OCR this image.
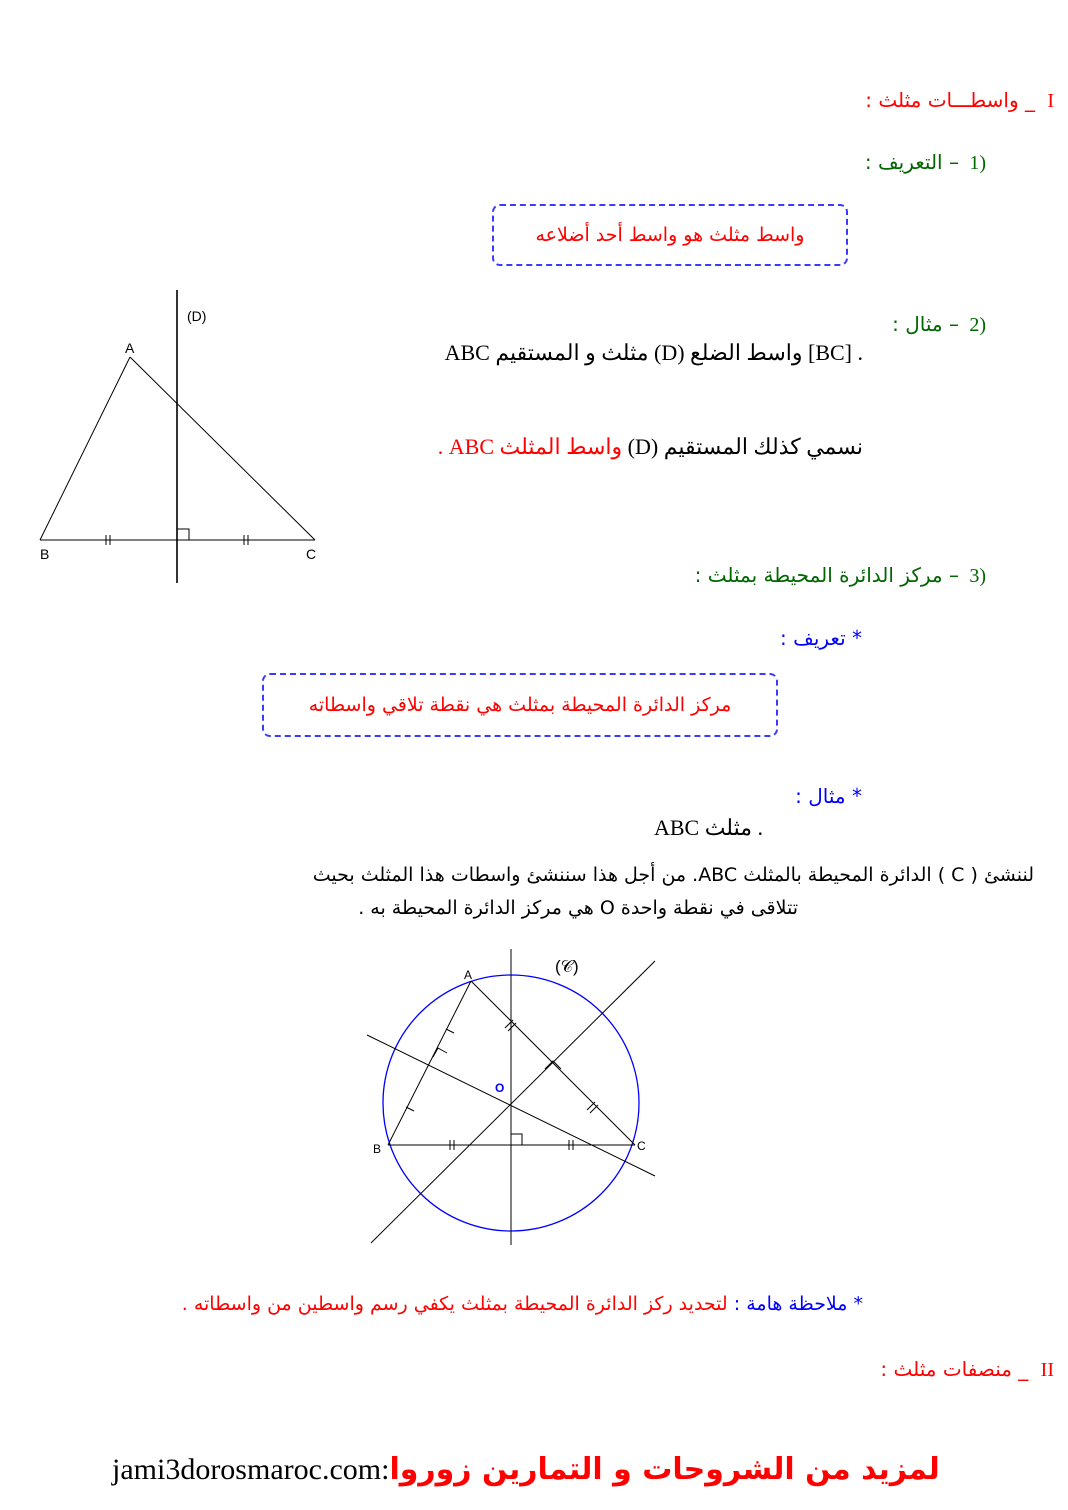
_ واسطـــات مثلث : I
– التعريف : 1)
واسط مثلث هو واسط أحد أضلاعه
A
B	C
(D)	– مثال : 2)
ABC مثلث و المستقيم (D) واسط الضلع [BC] .
نسمي كذلك المستقيم (D) واسط المثلث ABC .
– مركز الدائرة المحيطة بمثلث : 3)
* تعريف :
مركز الدائرة المحيطة بمثلث هي نقطة تلاقي واسطاته
* مثال :
ABC مثلث .
لننشئ ( C ) الدائرة المحيطة بالمثلث ABC. من أجل هذا سننشئ واسطات هذا المثلث بحيث
تتلاقى في نقطة واحدة O هي مركز الدائرة المحيطة به .
A
B	C
O
(𝒞)
* ملاحظة هامة : لتحديد ركز الدائرة المحيطة بمثلث يكفي رسم واسطين من واسطاته .
_ منصفات مثلث : II
jami3dorosmaroc.com:لمزيد من الشروحات و التمارين زوروا
